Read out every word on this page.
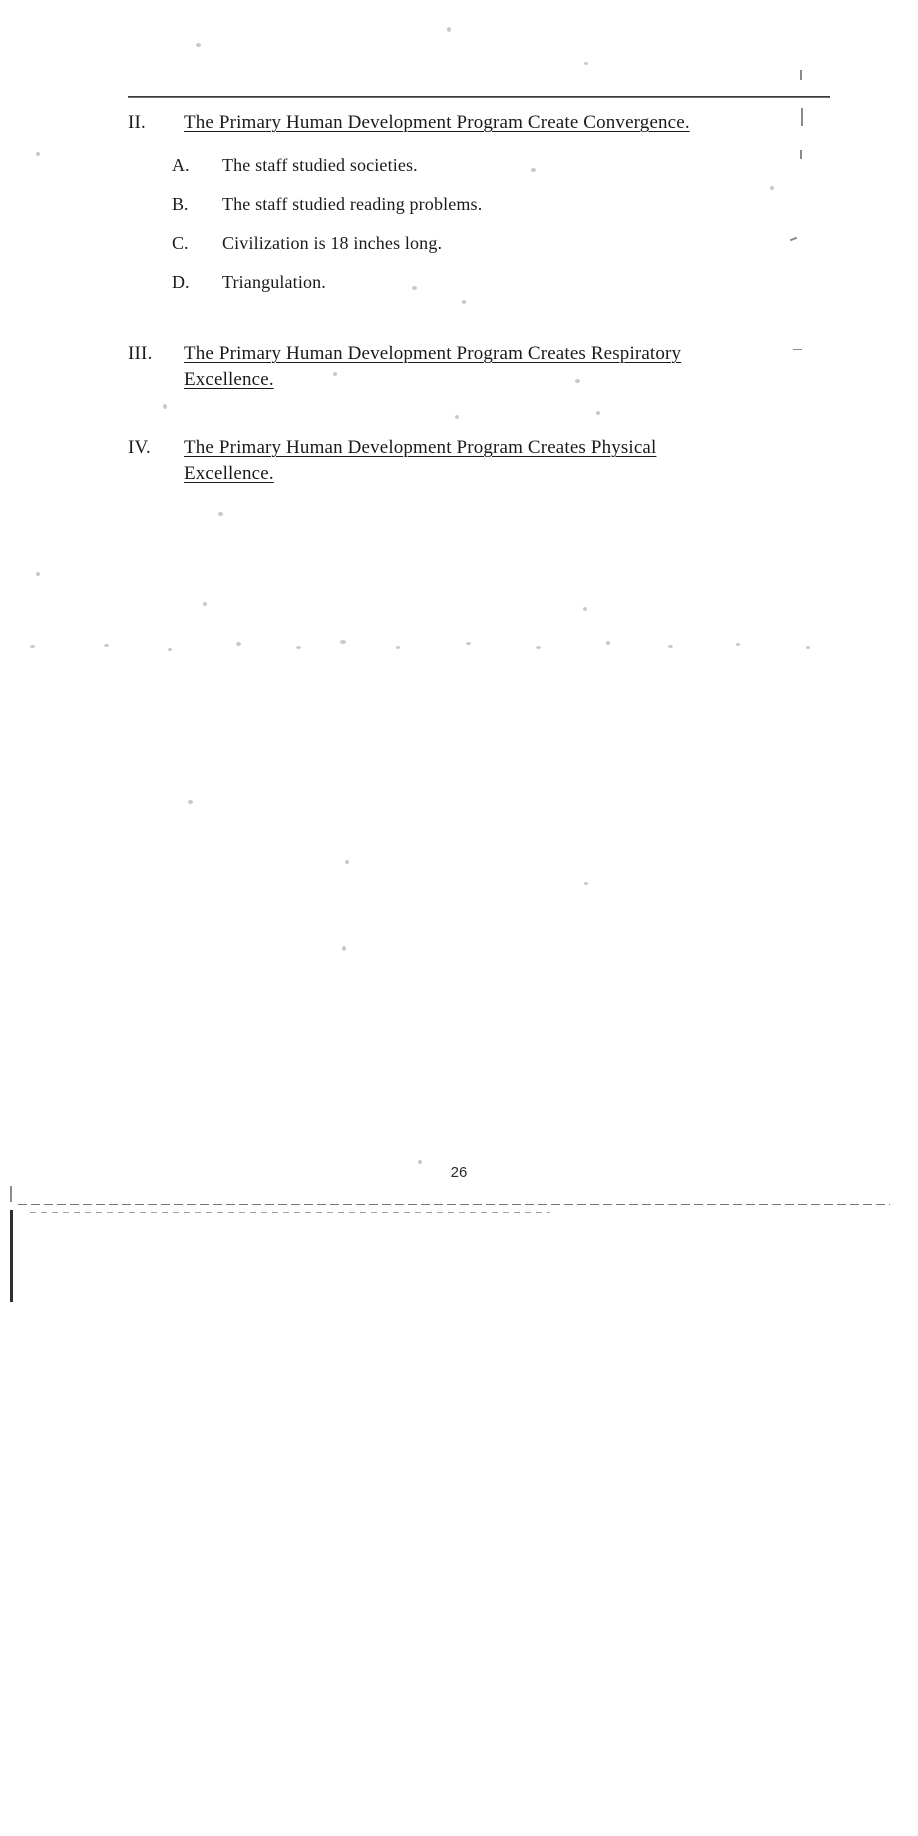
II.	The Primary Human Development Program Create Convergence.
A.	The staff studied societies.
B.	The staff studied reading problems.
C.	Civilization is 18 inches long.
D.	Triangulation.
III.	The Primary Human Development Program Creates Respiratory Excellence.
IV.	The Primary Human Development Program Creates Physical Excellence.
26
